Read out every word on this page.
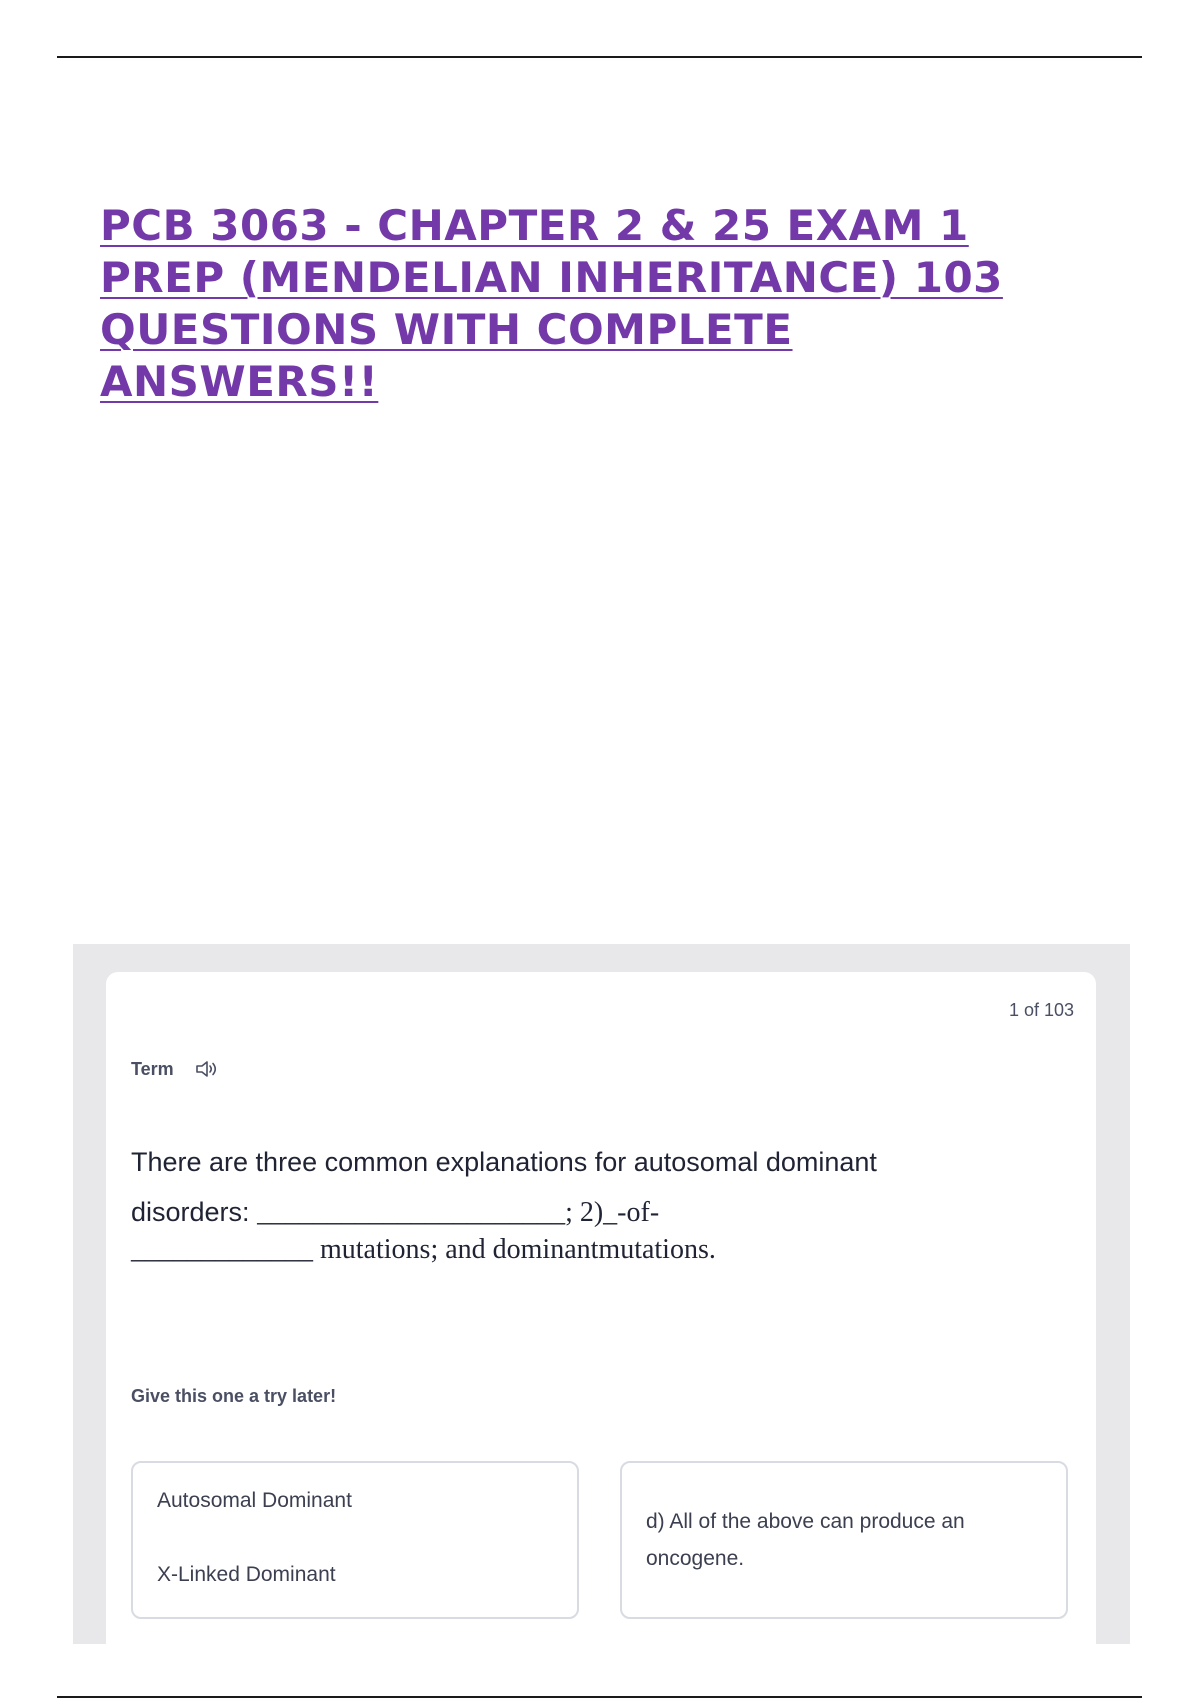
PCB 3063 - CHAPTER 2 & 25 EXAM 1 PREP (MENDELIAN INHERITANCE) 103 QUESTIONS WITH COMPLETE ANSWERS!!
1 of 103
Term
There are three common explanations for autosomal dominant
disorders: ______________________; 2)_-of-
_____________ mutations; and dominantmutations.
Give this one a try later!
Autosomal Dominant
X-Linked Dominant
d) All of the above can produce an oncogene.
